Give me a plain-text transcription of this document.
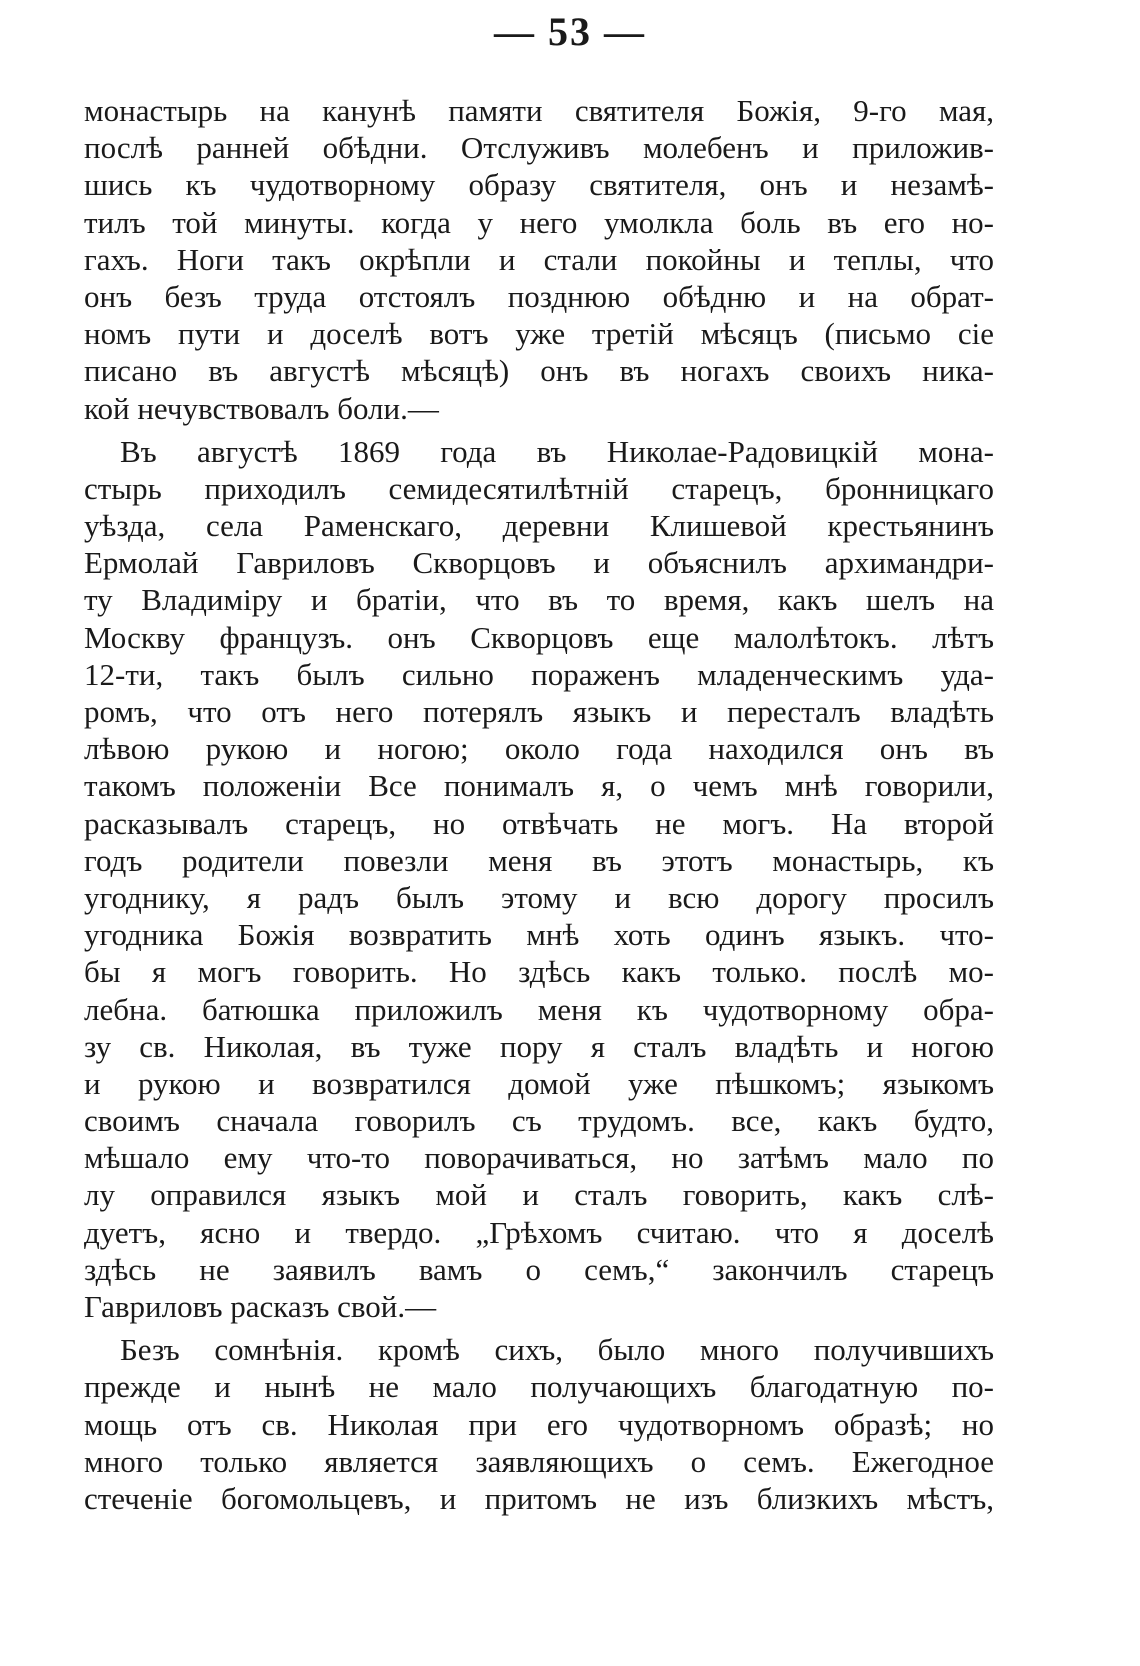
— 53 —
монастырь на канунѣ памяти святителя Божія, 9-го мая,
послѣ ранней обѣдни. Отслуживъ молебенъ и приложив-
шись къ чудотворному образу святителя, онъ и незамѣ-
тилъ той минуты. когда у него умолкла боль въ его но-
гахъ. Ноги такъ окрѣпли и стали покойны и теплы, что
онъ безъ труда отстоялъ позднюю обѣдню и на обрат-
номъ пути и доселѣ вотъ уже третій мѣсяцъ (письмо сіе
писано въ августѣ мѣсяцѣ) онъ въ ногахъ своихъ ника-
кой нечувствовалъ боли.—
Въ августѣ 1869 года въ Николае-Радовицкій мона-
стырь приходилъ семидесятилѣтній старецъ, бронницкаго
уѣзда, села Раменскаго, деревни Клишевой крестьянинъ
Ермолай Гавриловъ Скворцовъ и объяснилъ архимандри-
ту Владиміру и братіи, что въ то время, какъ шелъ на
Москву французъ. онъ Скворцовъ еще малолѣтокъ. лѣтъ
12-ти, такъ былъ сильно пораженъ младенческимъ уда-
ромъ, что отъ него потерялъ языкъ и пересталъ владѣть
лѣвою рукою и ногою; около года находился онъ въ
такомъ положеніи Все понималъ я, о чемъ мнѣ говорили,
расказывалъ старецъ, но отвѣчать не могъ. На второй
годъ родители повезли меня въ этотъ монастырь, къ
угоднику, я радъ былъ этому и всю дорогу просилъ
угодника Божія возвратить мнѣ хоть одинъ языкъ. что-
бы я могъ говорить. Но здѣсь какъ только. послѣ мо-
лебна. батюшка приложилъ меня къ чудотворному обра-
зу св. Николая, въ туже пору я сталъ владѣть и ногою
и рукою и возвратился домой уже пѣшкомъ; языкомъ
своимъ сначала говорилъ съ трудомъ. все, какъ будто,
мѣшало ему что-то поворачиваться, но затѣмъ мало по
лу оправился языкъ мой и сталъ говорить, какъ слѣ-
дуетъ, ясно и твердо. „Грѣхомъ считаю. что я доселѣ
здѣсь не заявилъ вамъ о семъ,“ закончилъ старецъ
Гавриловъ расказъ свой.—
Безъ сомнѣнія. кромѣ сихъ, было много получившихъ
прежде и нынѣ не мало получающихъ благодатную по-
мощь отъ св. Николая при его чудотворномъ образѣ; но
много только является заявляющихъ о семъ. Ежегодное
стеченіе богомольцевъ, и притомъ не изъ близкихъ мѣстъ,
